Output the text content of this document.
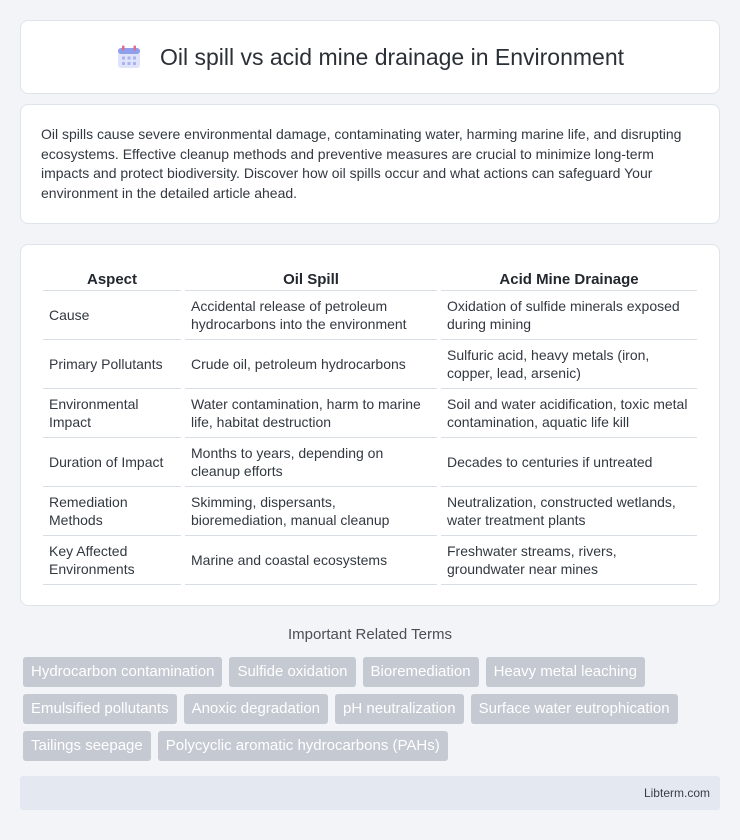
Oil spill vs acid mine drainage in Environment

Oil spills cause severe environmental damage, contaminating water, harming marine life, and disrupting ecosystems. Effective cleanup methods and preventive measures are crucial to minimize long-term impacts and protect biodiversity. Discover how oil spills occur and what actions can safeguard Your environment in the detailed article ahead.

Aspect	Oil Spill	Acid Mine Drainage
Cause	Accidental release of petroleum hydrocarbons into the environment	Oxidation of sulfide minerals exposed during mining
Primary Pollutants	Crude oil, petroleum hydrocarbons	Sulfuric acid, heavy metals (iron, copper, lead, arsenic)
Environmental Impact	Water contamination, harm to marine life, habitat destruction	Soil and water acidification, toxic metal contamination, aquatic life kill
Duration of Impact	Months to years, depending on cleanup efforts	Decades to centuries if untreated
Remediation Methods	Skimming, dispersants, bioremediation, manual cleanup	Neutralization, constructed wetlands, water treatment plants
Key Affected Environments	Marine and coastal ecosystems	Freshwater streams, rivers, groundwater near mines
Important Related Terms
Hydrocarbon contamination	Sulfide oxidation	Bioremediation	Heavy metal leaching
Emulsified pollutants	Anoxic degradation	pH neutralization	Surface water eutrophication
Tailings seepage	Polycyclic aromatic hydrocarbons (PAHs)
Libterm.com
